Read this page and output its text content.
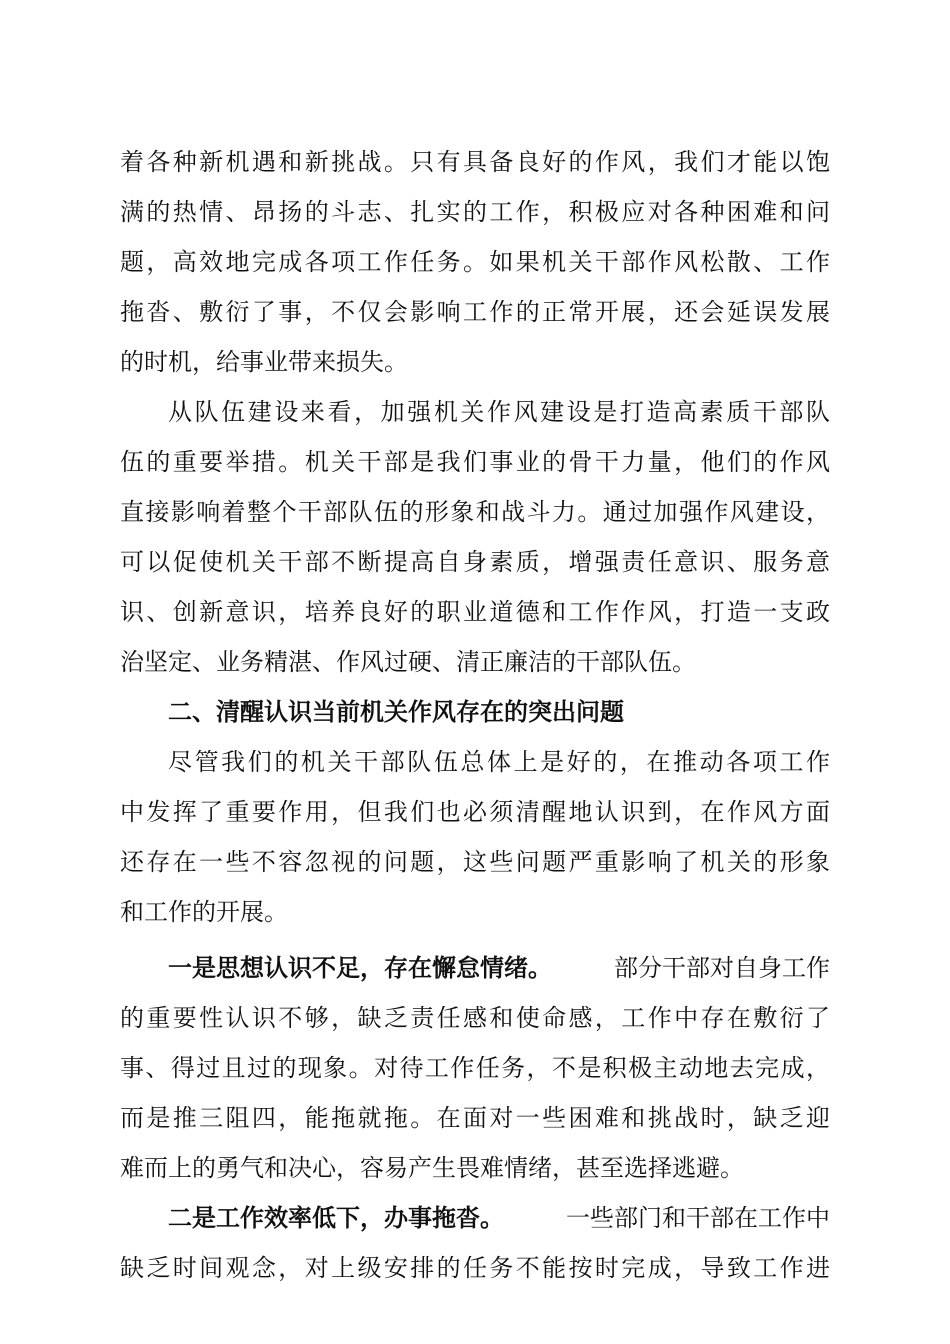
着各种新机遇和新挑战。只有具备良好的作风，我们才能以饱
满的热情、昂扬的斗志、扎实的工作，积极应对各种困难和问
题，高效地完成各项工作任务。如果机关干部作风松散、工作
拖沓、敷衍了事，不仅会影响工作的正常开展，还会延误发展
的时机，给事业带来损失。
从队伍建设来看，加强机关作风建设是打造高素质干部队
伍的重要举措。机关干部是我们事业的骨干力量，他们的作风
直接影响着整个干部队伍的形象和战斗力。通过加强作风建设，
可以促使机关干部不断提高自身素质，增强责任意识、服务意
识、创新意识，培养良好的职业道德和工作作风，打造一支政
治坚定、业务精湛、作风过硬、清正廉洁的干部队伍。
二、清醒认识当前机关作风存在的突出问题
尽管我们的机关干部队伍总体上是好的，在推动各项工作
中发挥了重要作用，但我们也必须清醒地认识到，在作风方面
还存在一些不容忽视的问题，这些问题严重影响了机关的形象
和工作的开展。
一是思想认识不足，存在懈怠情绪。	部分干部对自身工作
的重要性认识不够，缺乏责任感和使命感，工作中存在敷衍了
事、得过且过的现象。对待工作任务，不是积极主动地去完成，
而是推三阻四，能拖就拖。在面对一些困难和挑战时，缺乏迎
难而上的勇气和决心，容易产生畏难情绪，甚至选择逃避。
二是工作效率低下，办事拖沓。	一些部门和干部在工作中
缺乏时间观念，对上级安排的任务不能按时完成，导致工作进
